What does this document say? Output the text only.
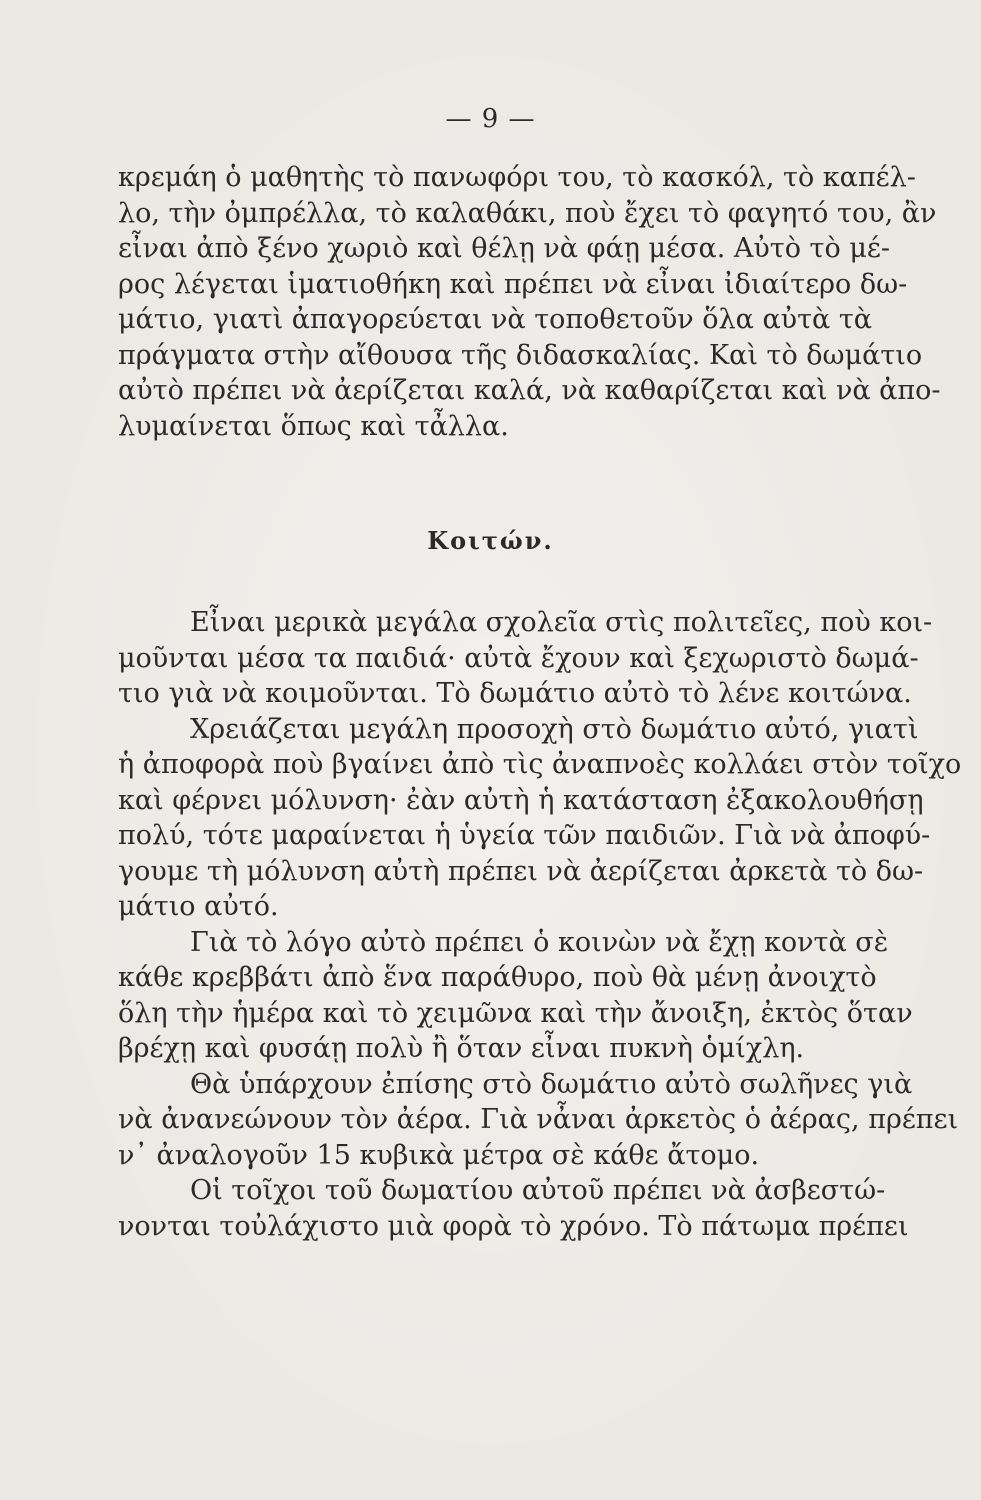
— 9 —
κρεμάη ὁ μαθητὴς τὸ πανωφόρι του, τὸ κασκόλ, τὸ καπέλ-
λο, τὴν ὀμπρέλλα, τὸ καλαθάκι, ποὺ ἔχει τὸ φαγητό του, ἂν
εἶναι ἀπὸ ξένο χωριὸ καὶ θέλῃ νὰ φάῃ μέσα. Αὐτὸ τὸ μέ-
ρος λέγεται ἱματιοθήκη καὶ πρέπει νὰ εἶναι ἰδιαίτερο δω-
μάτιο, γιατὶ ἀπαγορεύεται νὰ τοποθετοῦν ὅλα αὐτὰ τὰ
πράγματα στὴν αἴθουσα τῆς διδασκαλίας. Καὶ τὸ δωμάτιο
αὐτὸ πρέπει νὰ ἀερίζεται καλά, νὰ καθαρίζεται καὶ νὰ ἀπο-
λυμαίνεται ὅπως καὶ τἆλλα.
Κοιτών.
Εἶναι μερικὰ μεγάλα σχολεῖα στὶς πολιτεῖες, ποὺ κοι-
μοῦνται μέσα τα παιδιά· αὐτὰ ἔχουν καὶ ξεχωριστὸ δωμά-
τιο γιὰ νὰ κοιμοῦνται. Τὸ δωμάτιο αὐτὸ τὸ λένε κοιτώνα.
Χρειάζεται μεγάλη προσοχὴ στὸ δωμάτιο αὐτό, γιατὶ
ἡ ἀποφορὰ ποὺ βγαίνει ἀπὸ τὶς ἀναπνοὲς κολλάει στὸν τοῖχο
καὶ φέρνει μόλυνση· ἐὰν αὐτὴ ἡ κατάσταση ἐξακολουθήσῃ
πολύ, τότε μαραίνεται ἡ ὑγεία τῶν παιδιῶν. Γιὰ νὰ ἀποφύ-
γουμε τὴ μόλυνση αὐτὴ πρέπει νὰ ἀερίζεται ἀρκετὰ τὸ δω-
μάτιο αὐτό.
Γιὰ τὸ λόγο αὐτὸ πρέπει ὁ κοινὼν νὰ ἔχῃ κοντὰ σὲ
κάθε κρεββάτι ἀπὸ ἕνα παράθυρο, ποὺ θὰ μένῃ ἀνοιχτὸ
ὅλη τὴν ἡμέρα καὶ τὸ χειμῶνα καὶ τὴν ἄνοιξη, ἐκτὸς ὅταν
βρέχῃ καὶ φυσάῃ πολὺ ἢ ὅταν εἶναι πυκνὴ ὁμίχλη.
Θὰ ὑπάρχουν ἐπίσης στὸ δωμάτιο αὐτὸ σωλῆνες γιὰ
νὰ ἀνανεώνουν τὸν ἀέρα. Γιὰ νἆναι ἀρκετὸς ὁ ἀέρας, πρέπει
ν᾿ ἀναλογοῦν 15 κυβικὰ μέτρα σὲ κάθε ἄτομο.
Οἱ τοῖχοι τοῦ δωματίου αὐτοῦ πρέπει νὰ ἀσβεστώ-
νονται τοὐλάχιστο μιὰ φορὰ τὸ χρόνο. Τὸ πάτωμα πρέπει
